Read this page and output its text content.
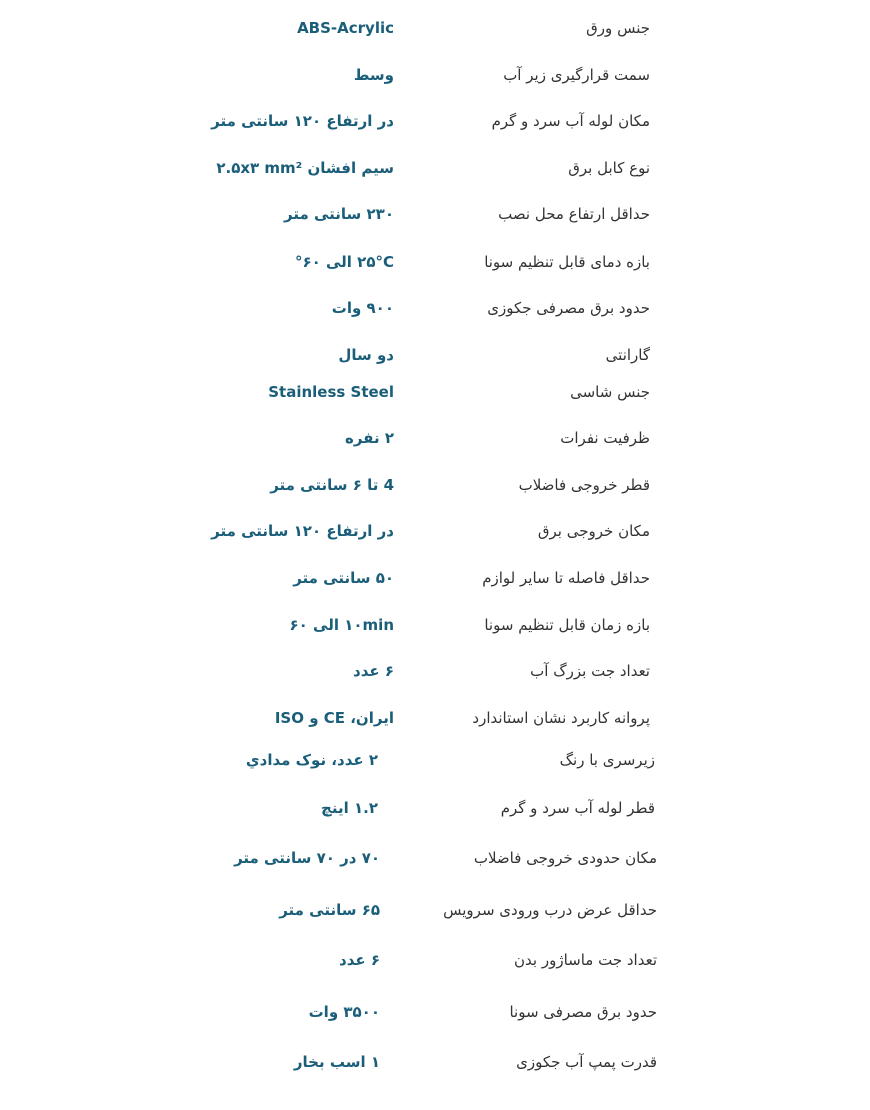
جنس ورق
ABS-Acrylic
سمت قرارگیری زیر آب
وسط
مکان لوله آب سرد و گرم
در ارتفاع ۱۲۰ سانتی متر
نوع کابل برق
سیم افشان ۲.۵x۳ mm²
حداقل ارتفاع محل نصب
۲۳۰ سانتی متر
بازه دمای قابل تنظیم سونا
۲۵°C الی ۶۰°
حدود برق مصرفی جکوزی
۹۰۰ وات
گارانتی
دو سال
جنس شاسی
Stainless Steel
ظرفیت نفرات
۲ نفره
قطر خروجی فاضلاب
4 تا ۶ سانتی متر
مکان خروجی برق
در ارتفاع ۱۲۰ سانتی متر
حداقل فاصله تا سایر لوازم
۵۰ سانتی متر
بازه زمان قابل تنظیم سونا
۱۰min الی ۶۰
تعداد جت بزرگ آب
۶ عدد
پروانه کاربرد نشان استاندارد
ایران، CE و ISO
زیرسری با رنگ
۲ عدد، نوک مدادي
قطر لوله آب سرد و گرم
۱.۲ اینچ
مکان حدودی خروجی فاضلاب
۷۰ در ۷۰ سانتی متر
حداقل عرض درب ورودی سرویس
۶۵ سانتی متر
تعداد جت ماساژور بدن
۶ عدد
حدود برق مصرفی سونا
۳۵۰۰ وات
قدرت پمپ آب جکوزی
۱ اسب بخار
